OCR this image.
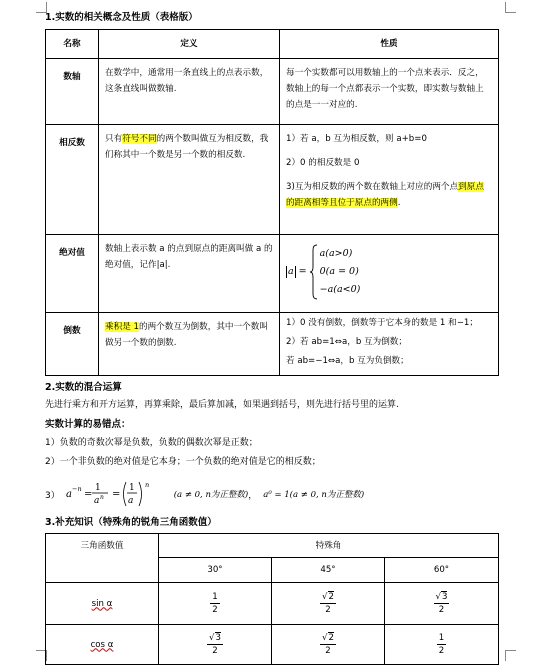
1.实数的相关概念及性质（表格版）
名称	定义	性质
数轴	在数学中，通常用一条直线上的点表示数，这条直线叫做数轴.	每一个实数都可以用数轴上的一个点来表示．反之，数轴上的每一个点都表示一个实数，即实数与数轴上的点是一一对应的.
相反数	只有符号不同的两个数叫做互为相反数，我们称其中一个数是另一个数的相反数.	1）若 a，b 互为相反数，则 a+b=0
2）0 的相反数是 0
3)互为相反数的两个数在数轴上对应的两个点到原点的距离相等且位于原点的两侧.

绝对值	数轴上表示数 a 的点到原点的距离叫做 a 的绝对值，记作|a|.	a =
a(a>0)
0(a = 0)
−a(a<0)

倒数	乘积是 1的两个数互为倒数，其中一个数叫做另一个数的倒数.	1）0 没有倒数，倒数等于它本身的数是 1 和−1；
2）若 ab=1⇔a，b 互为倒数；
若 ab=−1⇔a，b 互为负倒数；
2.实数的混合运算
先进行乘方和开方运算，再算乘除，最后算加减，如果遇到括号，则先进行括号里的运算.
实数计算的易错点：
1）负数的奇数次幂是负数，负数的偶数次幂是正数；
2）一个非负数的绝对值是它本身；一个负数的绝对值是它的相反数；
3） a −n =
1
a n =
1
a
n
(a ≠ 0, n为正整数) ， a⁰ = 1(a ≠ 0, n为正整数)
3.补充知识（特殊角的锐角三角函数值）
三角函数值	特殊角		
	30°	45°	60°
sin α	$\frac{1}{2}$	$\frac{√2}{2}$	$\frac{√3}{2}$

cos α	$\frac{√3}{2}$	$\frac{√2}{2}$	$\frac{1}{2}$
